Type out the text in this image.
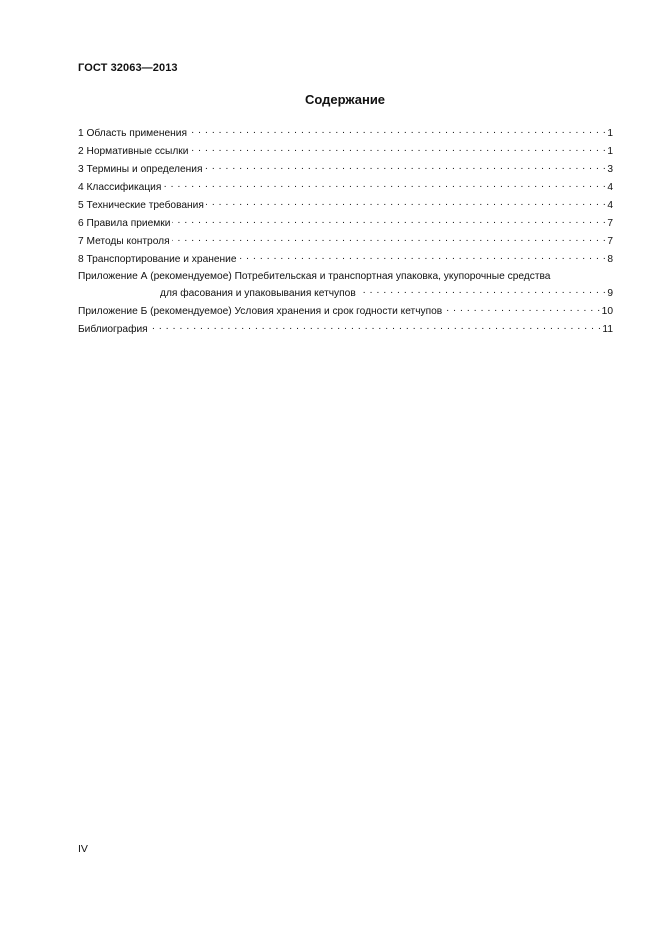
ГОСТ 32063—2013
Содержание
1 Область применения . . .	1
2 Нормативные ссылки . . .	1
3 Термины и определения . . .	3
4 Классификация . . .	4
5 Технические требования . . .	4
6 Правила приемки . . .	7
7 Методы контроля . . .	7
8 Транспортирование и хранение . . .	8
Приложение А (рекомендуемое) Потребительская и транспортная упаковка, укупорочные средства
для фасования и упаковывания кетчупов . . .	9
Приложение Б (рекомендуемое) Условия хранения и срок годности кетчупов . . .	10
Библиография . . .	11
IV
